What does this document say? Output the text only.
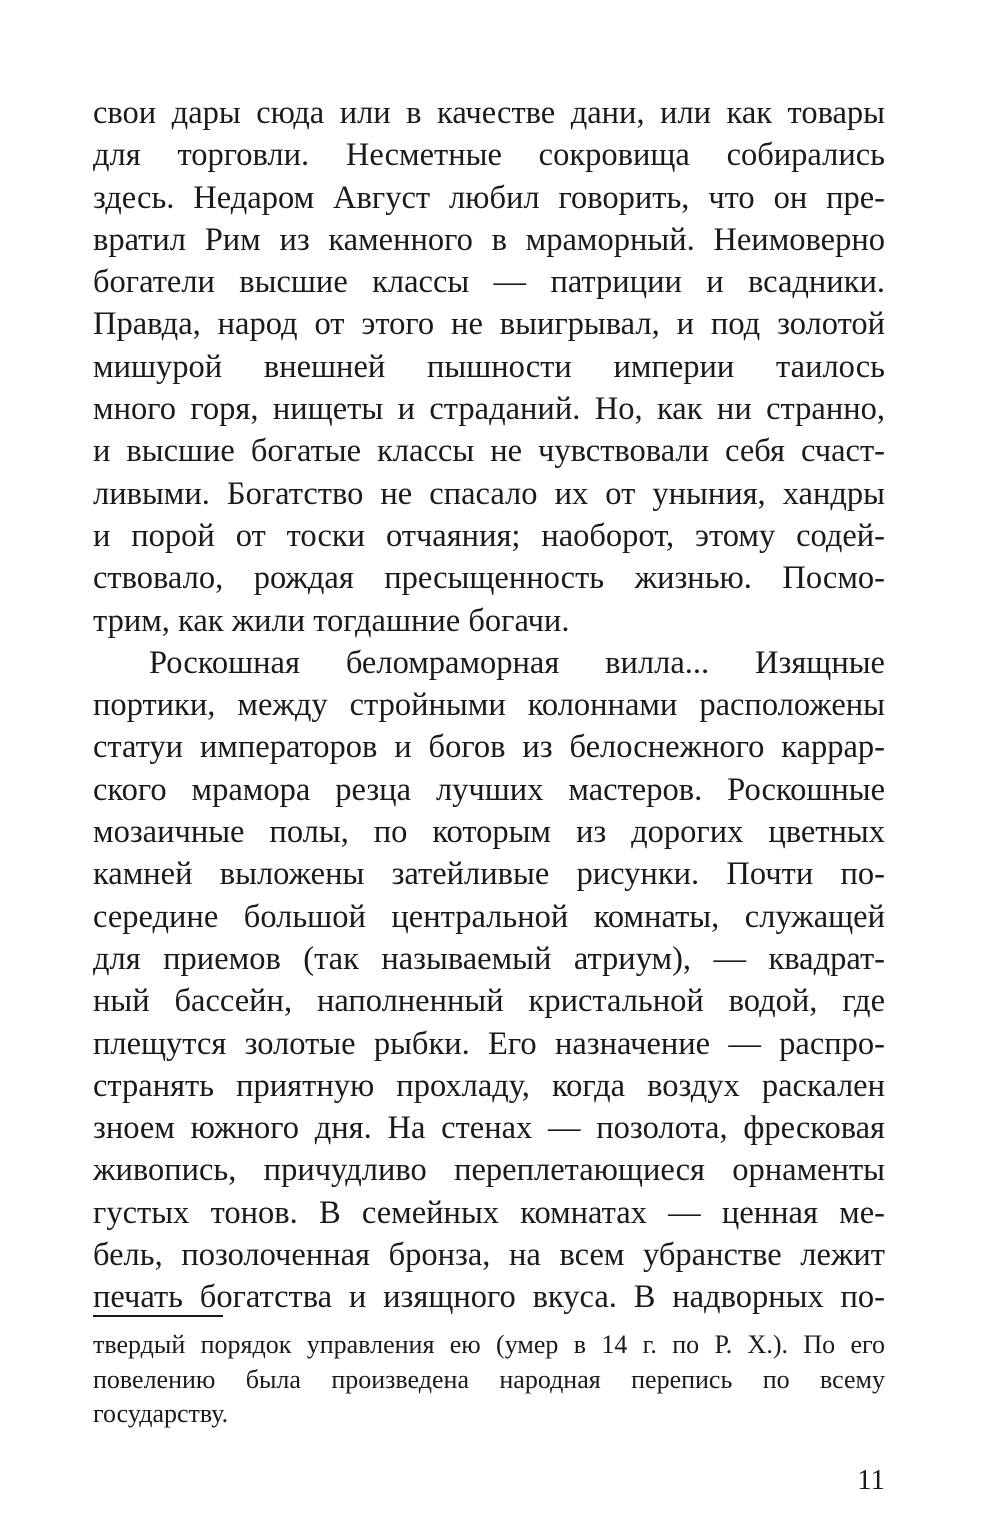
свои дары сюда или в качестве дани, или как товары
для торговли. Несметные сокровища собирались
здесь. Недаром Август любил говорить, что он пре-
вратил Рим из каменного в мраморный. Неимоверно
богатели высшие классы — патриции и всадники.
Правда, народ от этого не выигрывал, и под золотой
мишурой внешней пышности империи таилось
много горя, нищеты и страданий. Но, как ни странно,
и высшие богатые классы не чувствовали себя счаст-
ливыми. Богатство не спасало их от уныния, хандры
и порой от тоски отчаяния; наоборот, этому содей-
ствовало, рождая пресыщенность жизнью. Посмо-
трим, как жили тогдашние богачи.
Роскошная беломраморная вилла... Изящные
портики, между стройными колоннами расположены
статуи императоров и богов из белоснежного каррар-
ского мрамора резца лучших мастеров. Роскошные
мозаичные полы, по которым из дорогих цветных
камней выложены затейливые рисунки. Почти по-
середине большой центральной комнаты, служащей
для приемов (так называемый атриум), — квадрат-
ный бассейн, наполненный кристальной водой, где
плещутся золотые рыбки. Его назначение — распро-
странять приятную прохладу, когда воздух раскален
зноем южного дня. На стенах — позолота, фресковая
живопись, причудливо переплетающиеся орнаменты
густых тонов. В семейных комнатах — ценная ме-
бель, позолоченная бронза, на всем убранстве лежит
печать богатства и изящного вкуса. В надворных по-
твердый порядок управления ею (умер в 14 г. по Р. Х.). По его
повелению была произведена народная перепись по всему
государству.
11
